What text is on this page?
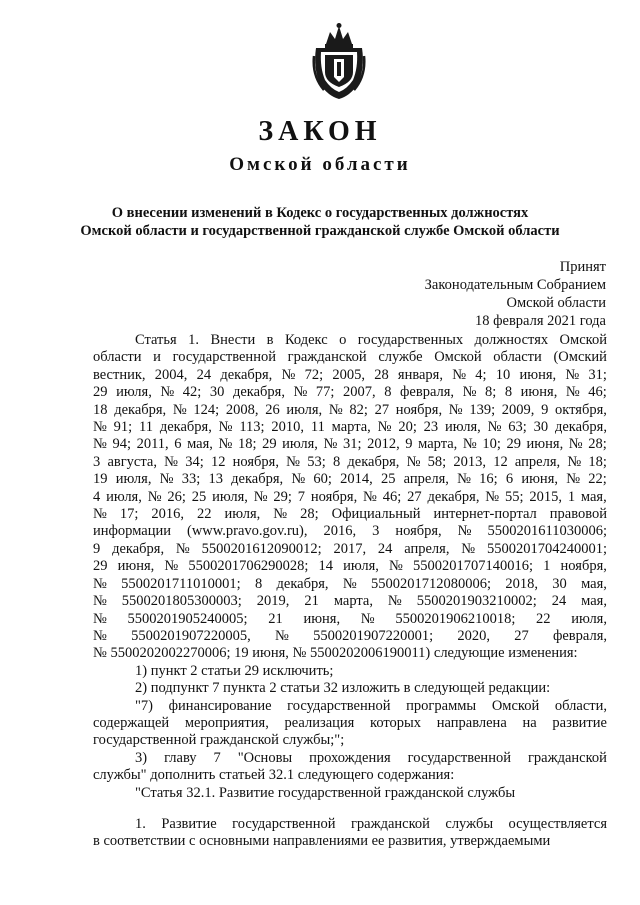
ЗАКОН
Омской области
О внесении изменений в Кодекс о государственных должностях
Омской области и государственной гражданской службе Омской области
Принят
Законодательным Собранием
Омской области
18 февраля 2021 года
Статья 1. Внести в Кодекс о государственных должностях Омской
области и государственной гражданской службе Омской области (Омский
вестник, 2004, 24 декабря, № 72; 2005, 28 января, № 4; 10 июня, № 31;
29 июля, № 42; 30 декабря, № 77; 2007, 8 февраля, № 8; 8 июня, № 46;
18 декабря, № 124; 2008, 26 июля, № 82; 27 ноября, № 139; 2009, 9 октября,
№ 91; 11 декабря, № 113; 2010, 11 марта, № 20; 23 июля, № 63; 30 декабря,
№ 94; 2011, 6 мая, № 18; 29 июля, № 31; 2012, 9 марта, № 10; 29 июня, № 28;
3 августа, № 34; 12 ноября, № 53; 8 декабря, № 58; 2013, 12 апреля, № 18;
19 июля, № 33; 13 декабря, № 60; 2014, 25 апреля, № 16; 6 июня, № 22;
4 июля, № 26; 25 июля, № 29; 7 ноября, № 46; 27 декабря, № 55; 2015, 1 мая,
№ 17; 2016, 22 июля, № 28; Официальный интернет-портал правовой
информации (www.pravo.gov.ru), 2016, 3 ноября, № 5500201611030006;
9 декабря, № 5500201612090012; 2017, 24 апреля, № 5500201704240001;
29 июня, № 5500201706290028; 14 июля, № 5500201707140016; 1 ноября,
№ 5500201711010001; 8 декабря, № 5500201712080006; 2018, 30 мая,
№ 5500201805300003; 2019, 21 марта, № 5500201903210002; 24 мая,
№ 5500201905240005; 21 июня, № 5500201906210018; 22 июля,
№ 5500201907220005, № 5500201907220001; 2020, 27 февраля,
№ 5500202002270006; 19 июня, № 5500202006190011) следующие изменения:
1) пункт 2 статьи 29 исключить;
2) подпункт 7 пункта 2 статьи 32 изложить в следующей редакции:
"7) финансирование государственной программы Омской области,
содержащей мероприятия, реализация которых направлена на развитие
государственной гражданской службы;";
3) главу 7 "Основы прохождения государственной гражданской
службы" дополнить статьей 32.1 следующего содержания:
"Статья 32.1. Развитие государственной гражданской службы
1. Развитие государственной гражданской службы осуществляется
в соответствии с основными направлениями ее развития, утверждаемыми
